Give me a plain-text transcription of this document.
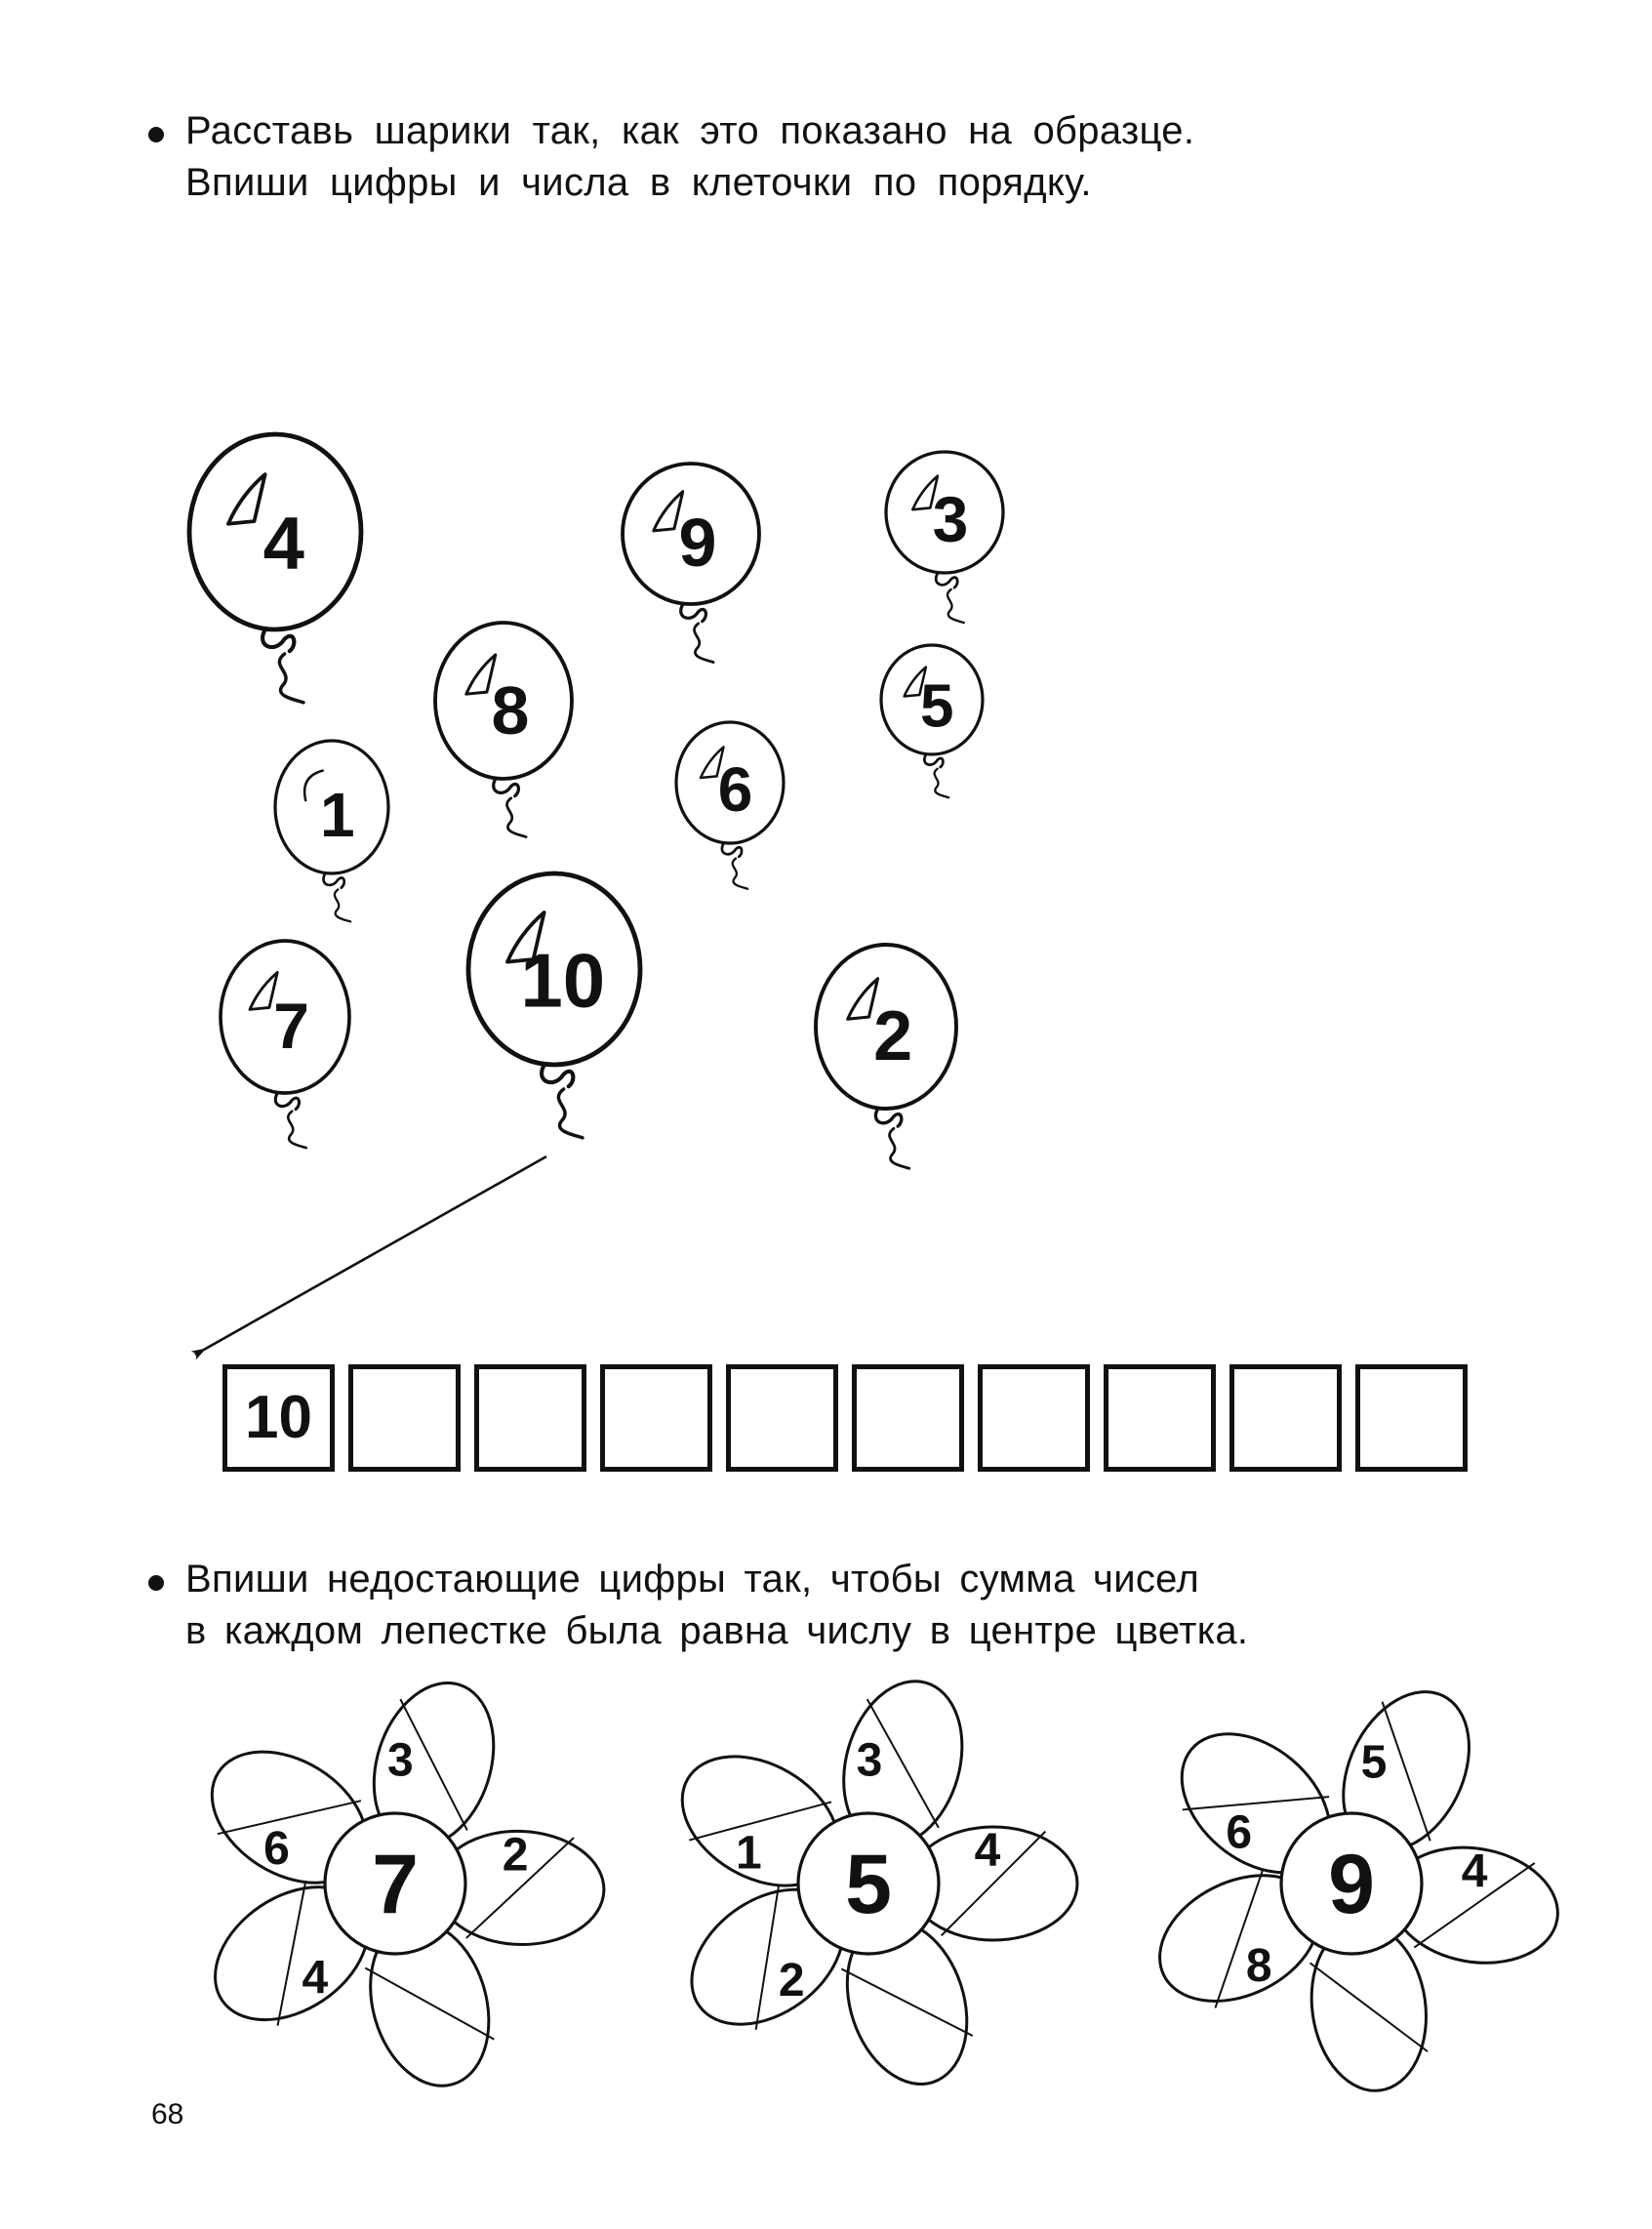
Расставь шарики так, как это показано на образце.
Впиши цифры и числа в клеточки по порядку.
4	9	3
8	5
1	6
7
10
2
10
Впиши недостающие цифры так, чтобы сумма чисел
в каждом лепестке была равна числу в центре цветка.
6
3
2
4
7	1
3
4
2
5
6
5
4
8
9
68
